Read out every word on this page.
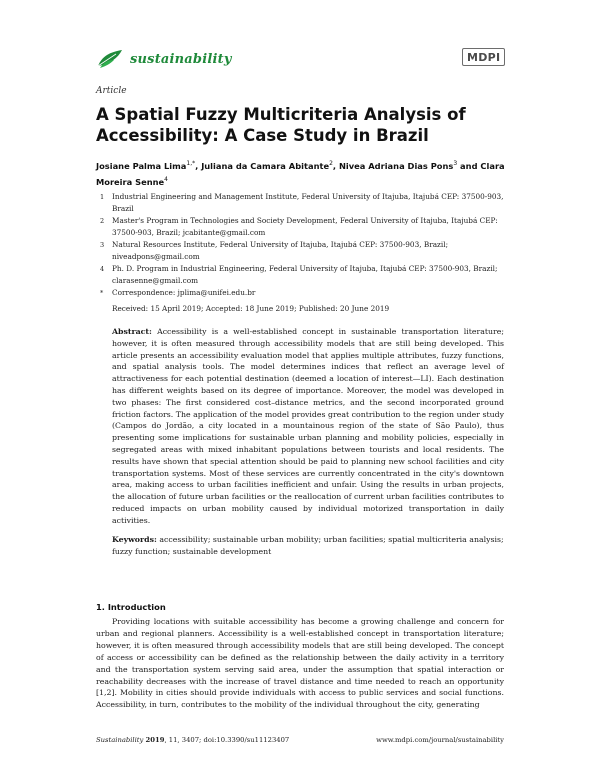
sustainability	MDPI
Article
A Spatial Fuzzy Multicriteria Analysis of Accessibility: A Case Study in Brazil
Josiane Palma Lima$^{1,*}$, Juliana da Camara Abitante$^2$, Nivea Adriana Dias Pons$^3$ and Clara Moreira Senne$^4$
1 Industrial Engineering and Management Institute, Federal University of Itajuba, Itajubá CEP: 37500-903, Brazil
2 Master's Program in Technologies and Society Development, Federal University of Itajuba, Itajubá CEP: 37500-903, Brazil; jcabitante@gmail.com
3 Natural Resources Institute, Federal University of Itajuba, Itajubá CEP: 37500-903, Brazil; niveadpons@gmail.com
4 Ph. D. Program in Industrial Engineering, Federal University of Itajuba, Itajubá CEP: 37500-903, Brazil; clarasenne@gmail.com
* Correspondence: jplima@unifei.edu.br
Received: 15 April 2019; Accepted: 18 June 2019; Published: 20 June 2019
Abstract: Accessibility is a well-established concept in sustainable transportation literature; however, it is often measured through accessibility models that are still being developed. This article presents an accessibility evaluation model that applies multiple attributes, fuzzy functions, and spatial analysis tools. The model determines indices that reflect an average level of attractiveness for each potential destination (deemed a location of interest—LI). Each destination has different weights based on its degree of importance. Moreover, the model was developed in two phases: The first considered cost–distance metrics, and the second incorporated ground friction factors. The application of the model provides great contribution to the region under study (Campos do Jordão, a city located in a mountainous region of the state of São Paulo), thus presenting some implications for sustainable urban planning and mobility policies, especially in segregated areas with mixed inhabitant populations between tourists and local residents. The results have shown that special attention should be paid to planning new school facilities and city transportation systems. Most of these services are currently concentrated in the city's downtown area, making access to urban facilities inefficient and unfair. Using the results in urban projects, the allocation of future urban facilities or the reallocation of current urban facilities contributes to reduced impacts on urban mobility caused by individual motorized transportation in daily activities.
Keywords: accessibility; sustainable urban mobility; urban facilities; spatial multicriteria analysis; fuzzy function; sustainable development
1. Introduction
Providing locations with suitable accessibility has become a growing challenge and concern for urban and regional planners. Accessibility is a well-established concept in transportation literature; however, it is often measured through accessibility models that are still being developed. The concept of access or accessibility can be defined as the relationship between the daily activity in a territory and the transportation system serving said area, under the assumption that spatial interaction or reachability decreases with the increase of travel distance and time needed to reach an opportunity [1,2]. Mobility in cities should provide individuals with access to public services and social functions. Accessibility, in turn, contributes to the mobility of the individual throughout the city, generating
Sustainability 2019, 11, 3407; doi:10.3390/su11123407	www.mdpi.com/journal/sustainability
